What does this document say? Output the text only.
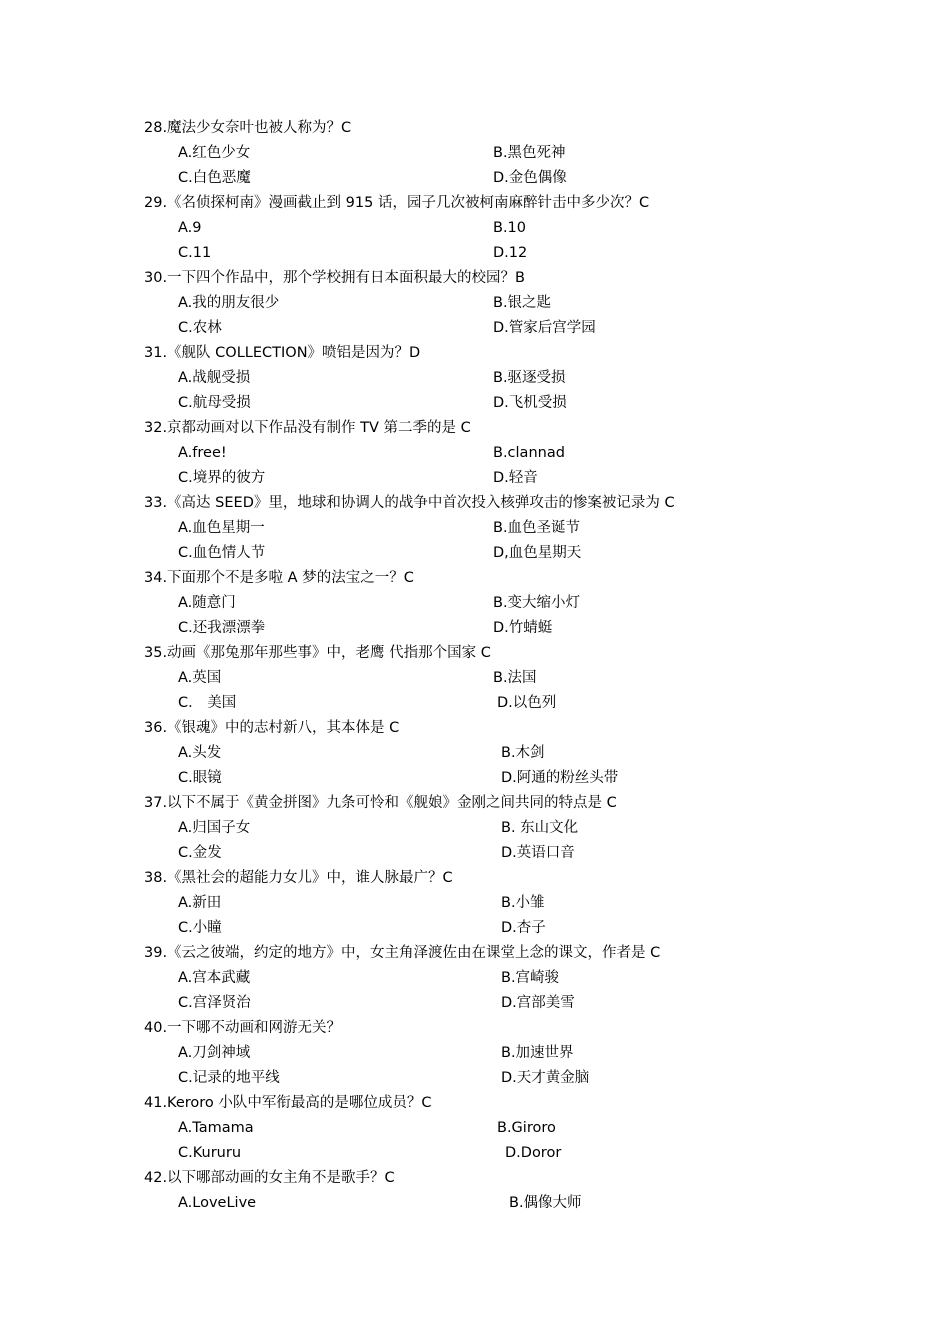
28.魔法少女奈叶也被人称为？C
A.红色少女	B.黑色死神
C.白色恶魔	D.金色偶像
29.《名侦探柯南》漫画截止到 915 话，园子几次被柯南麻醉针击中多少次？C
A.9	B.10
C.11	D.12
30.一下四个作品中，那个学校拥有日本面积最大的校园？B
A.我的朋友很少	B.银之匙
C.农林	D.管家后宫学园
31.《舰队 COLLECTION》喷铝是因为？D
A.战舰受损	B.驱逐受损
C.航母受损	D.飞机受损
32.京都动画对以下作品没有制作 TV 第二季的是 C
A.free!	B.clannad
C.境界的彼方	D.轻音
33.《高达 SEED》里，地球和协调人的战争中首次投入核弹攻击的惨案被记录为 C
A.血色星期一	B.血色圣诞节
C.血色情人节	D,血色星期天
34.下面那个不是多啦 A 梦的法宝之一？C
A.随意门	B.变大缩小灯
C.还我漂漂拳	D.竹蜻蜓
35.动画《那兔那年那些事》中，老鹰 代指那个国家 C
A.英国	B.法国
C． 美国	D.以色列
36.《银魂》中的志村新八，其本体是 C
A.头发	B.木剑
C.眼镜	D.阿通的粉丝头带
37.以下不属于《黄金拼图》九条可怜和《舰娘》金刚之间共同的特点是 C
A.归国子女	B. 东山文化
C.金发	D.英语口音
38.《黑社会的超能力女儿》中，谁人脉最广？C
A.新田	B.小雏
C.小瞳	D.杏子
39.《云之彼端，约定的地方》中，女主角泽渡佐由在课堂上念的课文，作者是 C
A.宫本武藏	B.宫崎骏
C.宫泽贤治	D.宫部美雪
40.一下哪不动画和网游无关？
A.刀剑神域	B.加速世界
C.记录的地平线	D.天才黄金脑
41.Keroro 小队中军衔最高的是哪位成员？C
A.Tamama	B.Giroro
C.Kururu	D.Doror
42.以下哪部动画的女主角不是歌手？C
A.LoveLive	B.偶像大师
